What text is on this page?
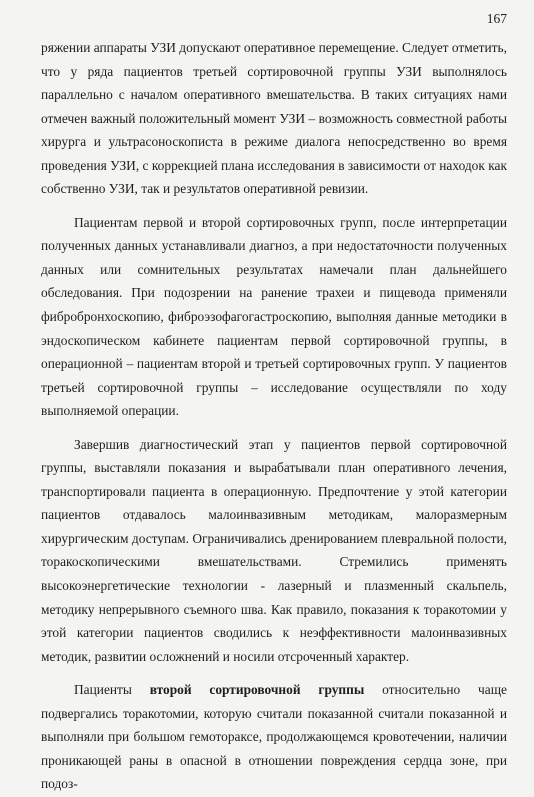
167

ряжении аппараты УЗИ допускают оперативное перемещение. Следует отметить, что у ряда пациентов третьей сортировочной группы УЗИ выполнялось параллельно с началом оперативного вмешательства. В таких ситуациях нами отмечен важный положительный момент УЗИ – возможность совместной работы хирурга и ультрасоноскописта в режиме диалога непосредственно во время проведения УЗИ, с коррекцией плана исследования в зависимости от находок как собственно УЗИ, так и результатов оперативной ревизии.

Пациентам первой и второй сортировочных групп, после интерпретации полученных данных устанавливали диагноз, а при недостаточности полученных данных или сомнительных результатах намечали план дальнейшего обследования. При подозрении на ранение трахеи и пищевода применяли фибробронхоскопию, фиброэзофагогастроскопию, выполняя данные методики в эндоскопическом кабинете пациентам первой сортировочной группы, в операционной – пациентам второй и третьей сортировочных групп. У пациентов третьей сортировочной группы – исследование осуществляли по ходу выполняемой операции.

Завершив диагностический этап у пациентов первой сортировочной группы, выставляли показания и вырабатывали план оперативного лечения, транспортировали пациента в операционную. Предпочтение у этой категории пациентов отдавалось малоинвазивным методикам, малоразмерным хирургическим доступам. Ограничивались дренированием плевральной полости, торакоскопическими вмешательствами. Стремились применять высокоэнергетические технологии - лазерный и плазменный скальпель, методику непрерывного съемного шва. Как правило, показания к торакотомии у этой категории пациентов сводились к неэффективности малоинвазивных методик, развитии осложнений и носили отсроченный характер.

Пациенты второй сортировочной группы относительно чаще подвергались торакотомии, которую считали показанной считали показанной и выполняли при большом гемотораксе, продолжающемся кровотечении, наличии проникающей раны в опасной в отношении повреждения сердца зоне, при подоз-
